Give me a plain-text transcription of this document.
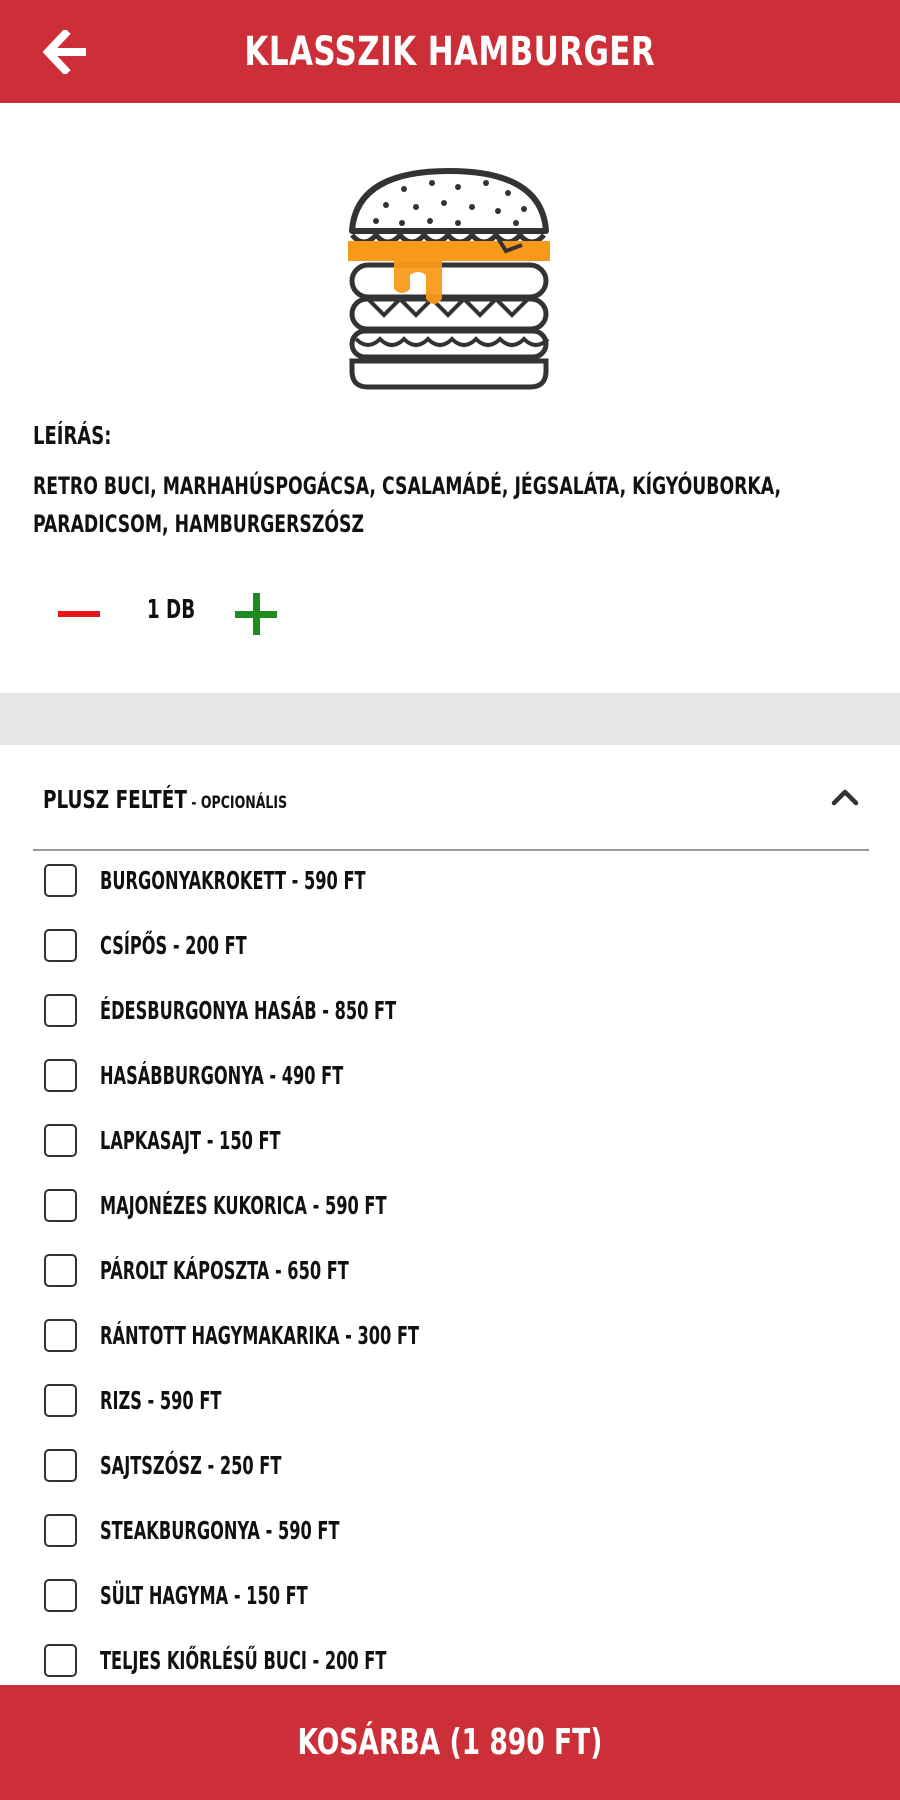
KLASSZIK HAMBURGER
LEÍRÁS:
RETRO BUCI, MARHAHÚSPOGÁCSA, CSALAMÁDÉ, JÉGSALÁTA, KÍGYÓUBORKA, PARADICSOM, HAMBURGERSZÓSZ
1 DB
PLUSZ FELTÉT - OPCIONÁLIS
BURGONYAKROKETT - 590 FT
CSÍPŐS - 200 FT
ÉDESBURGONYA HASÁB - 850 FT
HASÁBBURGONYA - 490 FT
LAPKASAJT - 150 FT
MAJONÉZES KUKORICA - 590 FT
PÁROLT KÁPOSZTA - 650 FT
RÁNTOTT HAGYMAKARIKA - 300 FT
RIZS - 590 FT
SAJTSZÓSZ - 250 FT
STEAKBURGONYA - 590 FT
SÜLT HAGYMA - 150 FT
TELJES KIŐRLÉSŰ BUCI - 200 FT
KOSÁRBA (1 890 FT)
